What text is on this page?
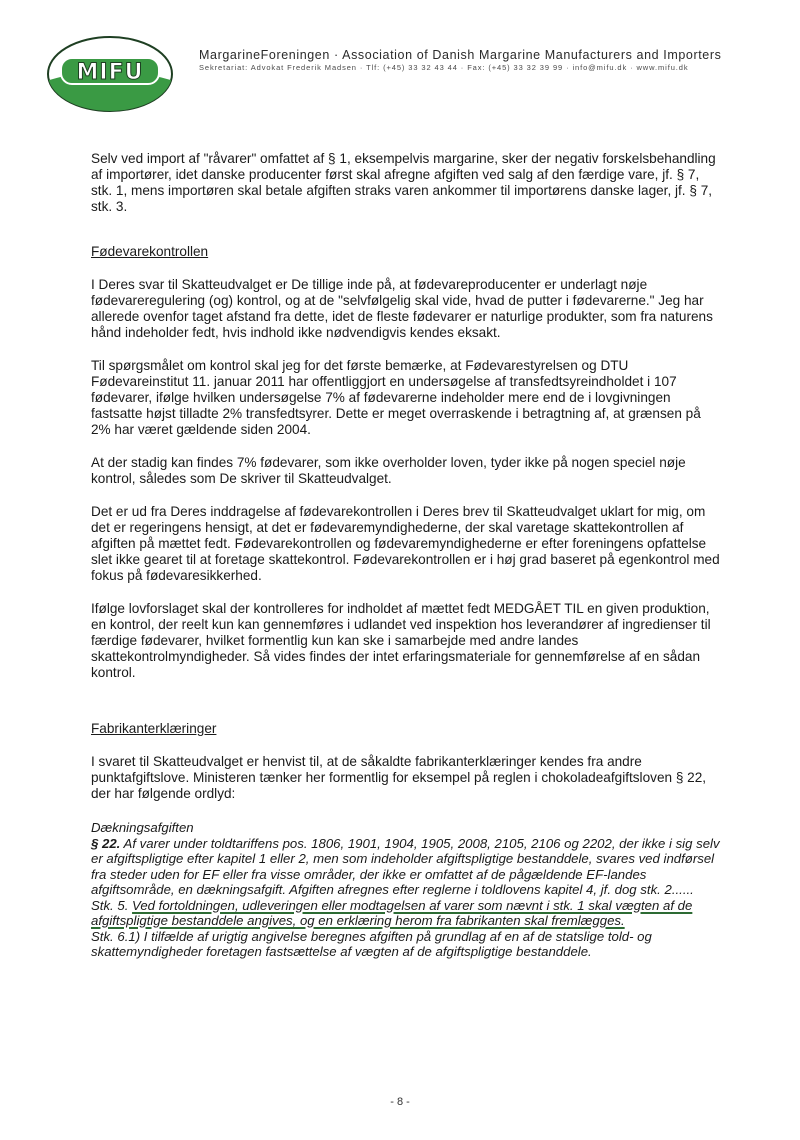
MIFU
MargarineForeningen · Association of Danish Margarine Manufacturers and Importers
Sekretariat: Advokat Frederik Madsen · Tlf: (+45) 33 32 43 44 · Fax: (+45) 33 32 39 99 · info@mifu.dk · www.mifu.dk

Selv ved import af "råvarer" omfattet af § 1, eksempelvis margarine, sker der negativ forskelsbehandling af importører, idet danske producenter først skal afregne afgiften ved salg af den færdige vare, jf. § 7, stk. 1, mens importøren skal betale afgiften straks varen ankommer til importørens danske lager, jf. § 7, stk. 3.

Fødevarekontrollen

I Deres svar til Skatteudvalget er De tillige inde på, at fødevareproducenter er underlagt nøje fødevareregulering (og) kontrol, og at de "selvfølgelig skal vide, hvad de putter i fødevarerne." Jeg har allerede ovenfor taget afstand fra dette, idet de fleste fødevarer er naturlige produkter, som fra naturens hånd indeholder fedt, hvis indhold ikke nødvendigvis kendes eksakt.

Til spørgsmålet om kontrol skal jeg for det første bemærke, at Fødevarestyrelsen og DTU Fødevareinstitut 11. januar 2011 har offentliggjort en undersøgelse af transfedtsyreindholdet i 107 fødevarer, ifølge hvilken undersøgelse 7% af fødevarerne indeholder mere end de i lovgivningen fastsatte højst tilladte 2% transfedtsyrer. Dette er meget overraskende i betragtning af, at grænsen på 2% har været gældende siden 2004.

At der stadig kan findes 7% fødevarer, som ikke overholder loven, tyder ikke på nogen speciel nøje kontrol, således som De skriver til Skatteudvalget.

Det er ud fra Deres inddragelse af fødevarekontrollen i Deres brev til Skatteudvalget uklart for mig, om det er regeringens hensigt, at det er fødevaremyndighederne, der skal varetage skattekontrollen af afgiften på mættet fedt. Fødevarekontrollen og fødevaremyndighederne er efter foreningens opfattelse slet ikke gearet til at foretage skattekontrol. Fødevarekontrollen er i høj grad baseret på egenkontrol med fokus på fødevaresikkerhed.

Ifølge lovforslaget skal der kontrolleres for indholdet af mættet fedt MEDGÅET TIL en given produktion, en kontrol, der reelt kun kan gennemføres i udlandet ved inspektion hos leverandører af ingredienser til færdige fødevarer, hvilket formentlig kun kan ske i samarbejde med andre landes skattekontrolmyndigheder. Så vides findes der intet erfaringsmateriale for gennemførelse af en sådan kontrol.

Fabrikanterklæringer

I svaret til Skatteudvalget er henvist til, at de såkaldte fabrikanterklæringer kendes fra andre punktafgiftslove. Ministeren tænker her formentlig for eksempel på reglen i chokoladeafgiftsloven § 22, der har følgende ordlyd:

Dækningsafgiften
§ 22. Af varer under toldtariffens pos. 1806, 1901, 1904, 1905, 2008, 2105, 2106 og 2202, der ikke i sig selv er afgiftspligtige efter kapitel 1 eller 2, men som indeholder afgiftspligtige bestanddele, svares ved indførsel fra steder uden for EF eller fra visse områder, der ikke er omfattet af de pågældende EF-landes afgiftsområde, en dækningsafgift. Afgiften afregnes efter reglerne i toldlovens kapitel 4, jf. dog stk. 2......
Stk. 5. Ved fortoldningen, udleveringen eller modtagelsen af varer som nævnt i stk. 1 skal vægten af de afgiftspligtige bestanddele angives, og en erklæring herom fra fabrikanten skal fremlægges.
Stk. 6.1) I tilfælde af urigtig angivelse beregnes afgiften på grundlag af en af de statslige told- og skattemyndigheder foretagen fastsættelse af vægten af de afgiftspligtige bestanddele.
- 8 -
